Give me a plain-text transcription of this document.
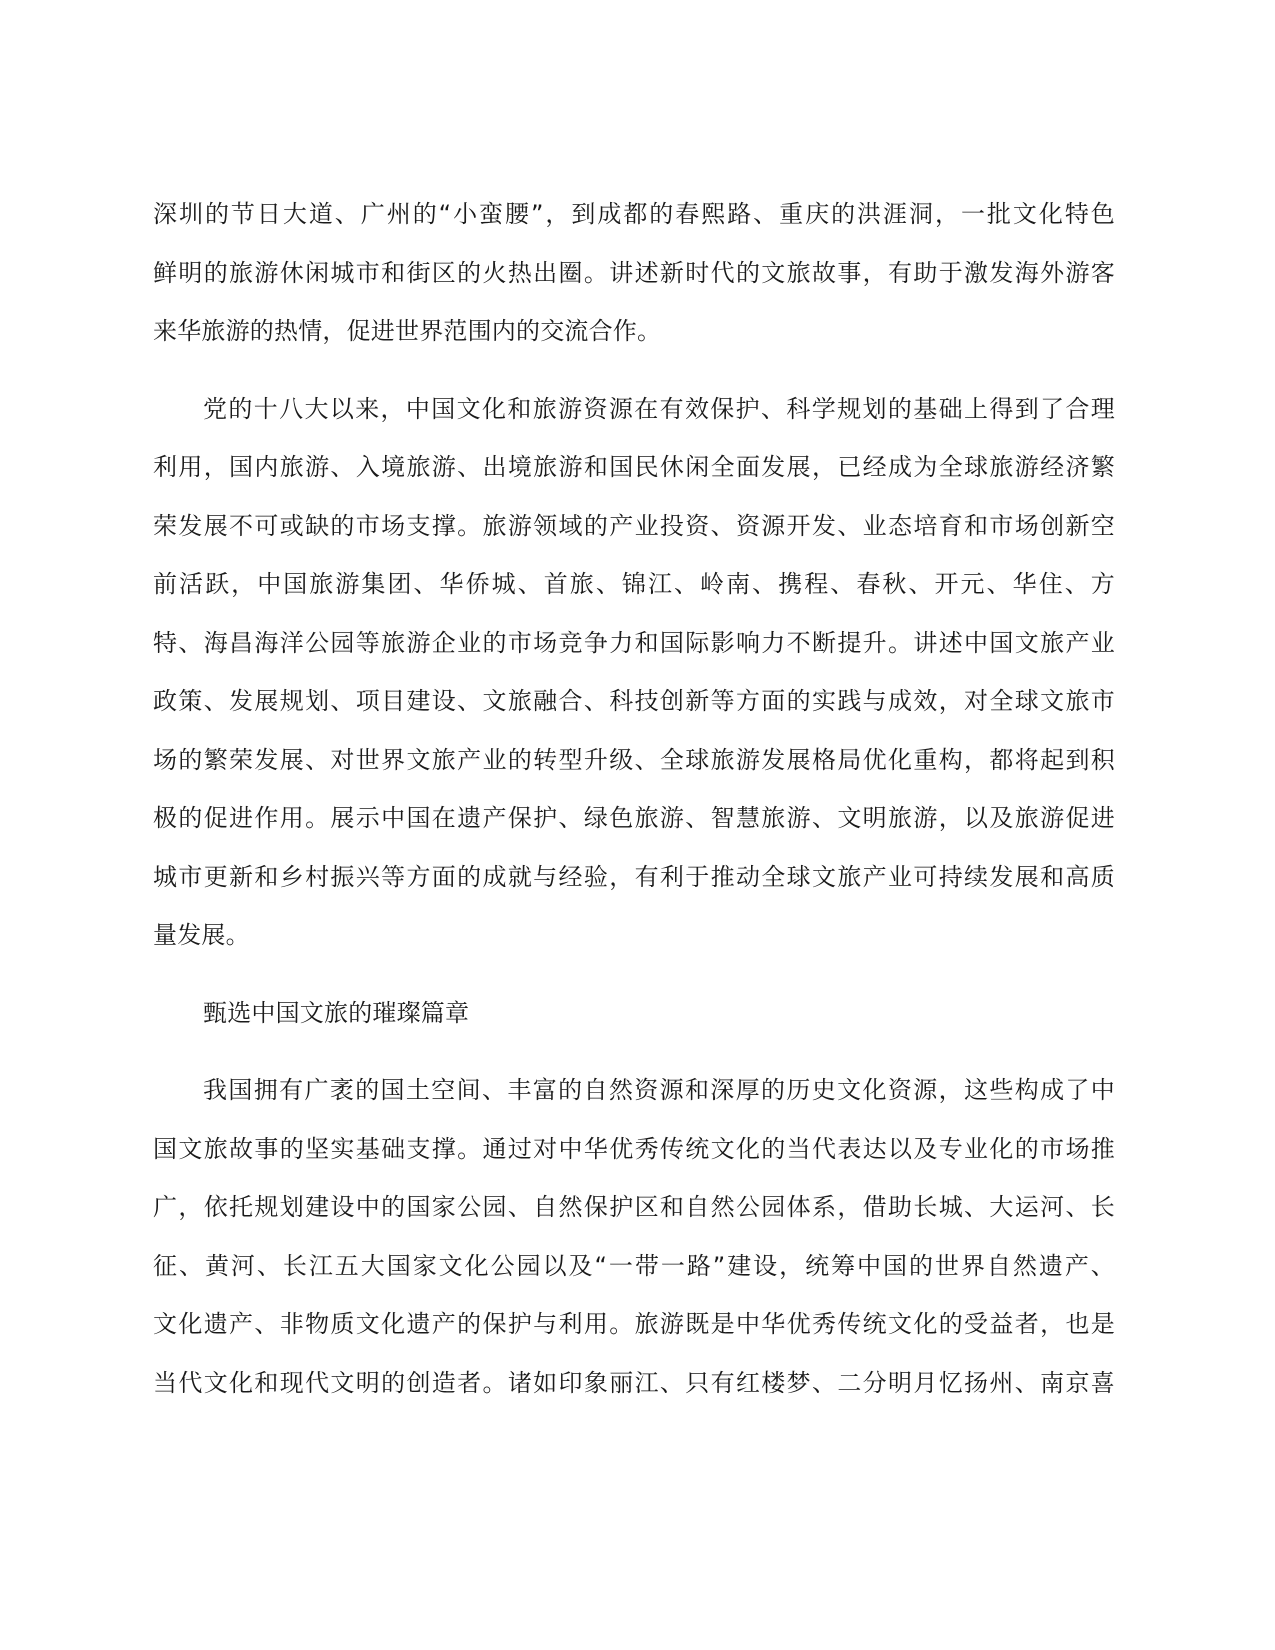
深圳的节日大道、广州的“小蛮腰”，到成都的春熙路、重庆的洪涯洞，一批文化特色
鲜明的旅游休闲城市和街区的火热出圈。讲述新时代的文旅故事，有助于激发海外游客
来华旅游的热情，促进世界范围内的交流合作。
党的十八大以来，中国文化和旅游资源在有效保护、科学规划的基础上得到了合理
利用，国内旅游、入境旅游、出境旅游和国民休闲全面发展，已经成为全球旅游经济繁
荣发展不可或缺的市场支撑。旅游领域的产业投资、资源开发、业态培育和市场创新空
前活跃，中国旅游集团、华侨城、首旅、锦江、岭南、携程、春秋、开元、华住、方
特、海昌海洋公园等旅游企业的市场竞争力和国际影响力不断提升。讲述中国文旅产业
政策、发展规划、项目建设、文旅融合、科技创新等方面的实践与成效，对全球文旅市
场的繁荣发展、对世界文旅产业的转型升级、全球旅游发展格局优化重构，都将起到积
极的促进作用。展示中国在遗产保护、绿色旅游、智慧旅游、文明旅游，以及旅游促进
城市更新和乡村振兴等方面的成就与经验，有利于推动全球文旅产业可持续发展和高质
量发展。
甄选中国文旅的璀璨篇章
我国拥有广袤的国土空间、丰富的自然资源和深厚的历史文化资源，这些构成了中
国文旅故事的坚实基础支撑。通过对中华优秀传统文化的当代表达以及专业化的市场推
广，依托规划建设中的国家公园、自然保护区和自然公园体系，借助长城、大运河、长
征、黄河、长江五大国家文化公园以及“一带一路”建设，统筹中国的世界自然遗产、
文化遗产、非物质文化遗产的保护与利用。旅游既是中华优秀传统文化的受益者，也是
当代文化和现代文明的创造者。诸如印象丽江、只有红楼梦、二分明月忆扬州、南京喜
